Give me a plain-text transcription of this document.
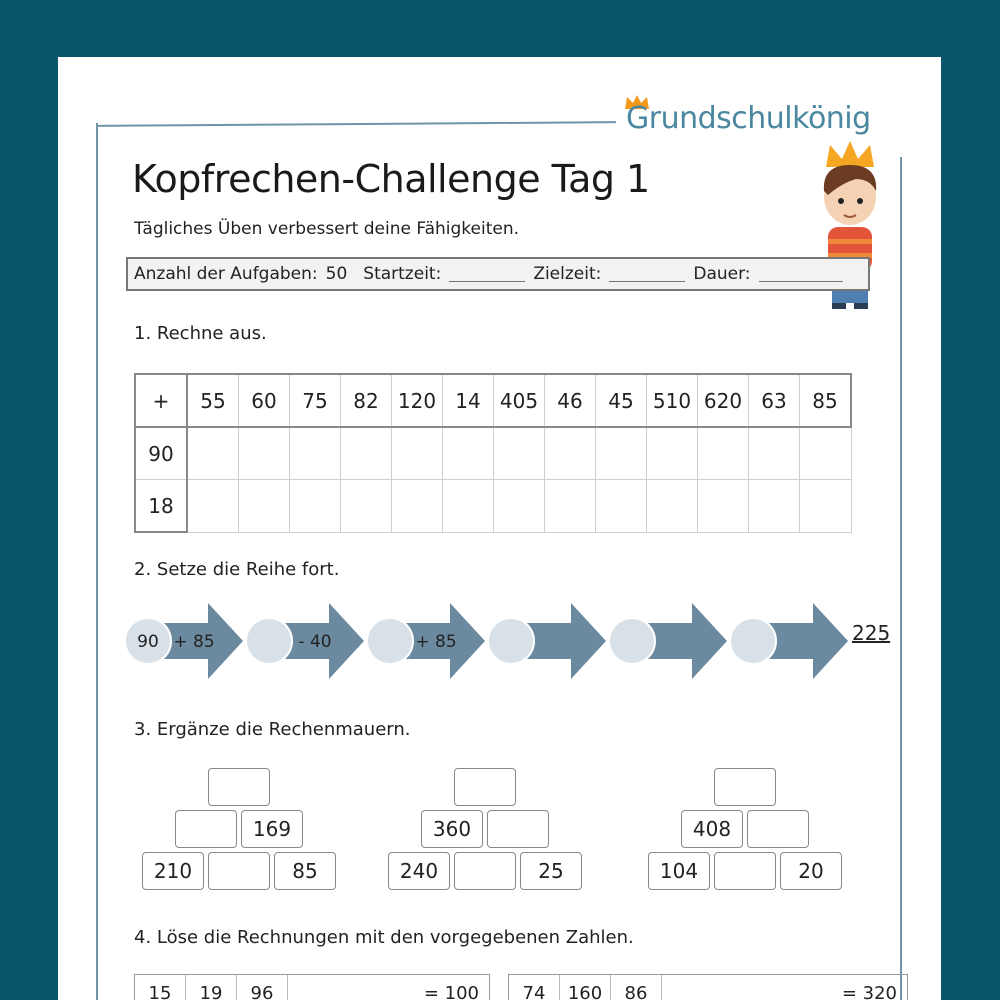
Grundschulkönig
Kopfrechen-Challenge Tag 1
Tägliches Üben verbessert deine Fähigkeiten.
Anzahl der Aufgaben: 50 Startzeit:	Zielzeit:	Dauer:
1. Rechne aus.
+	55	60	75	82	120	14	405	46	45	510	620	63	85
90													
18													
2. Setze die Reihe fort.
90 + 85	- 40	+ 85	225
3. Ergänze die Rechenmauern.
210	85
169
240	25
360
104	20
408
4. Löse die Rechnungen mit den vorgegebenen Zahlen.
15	19	96	= 100	74	160	86	= 320
